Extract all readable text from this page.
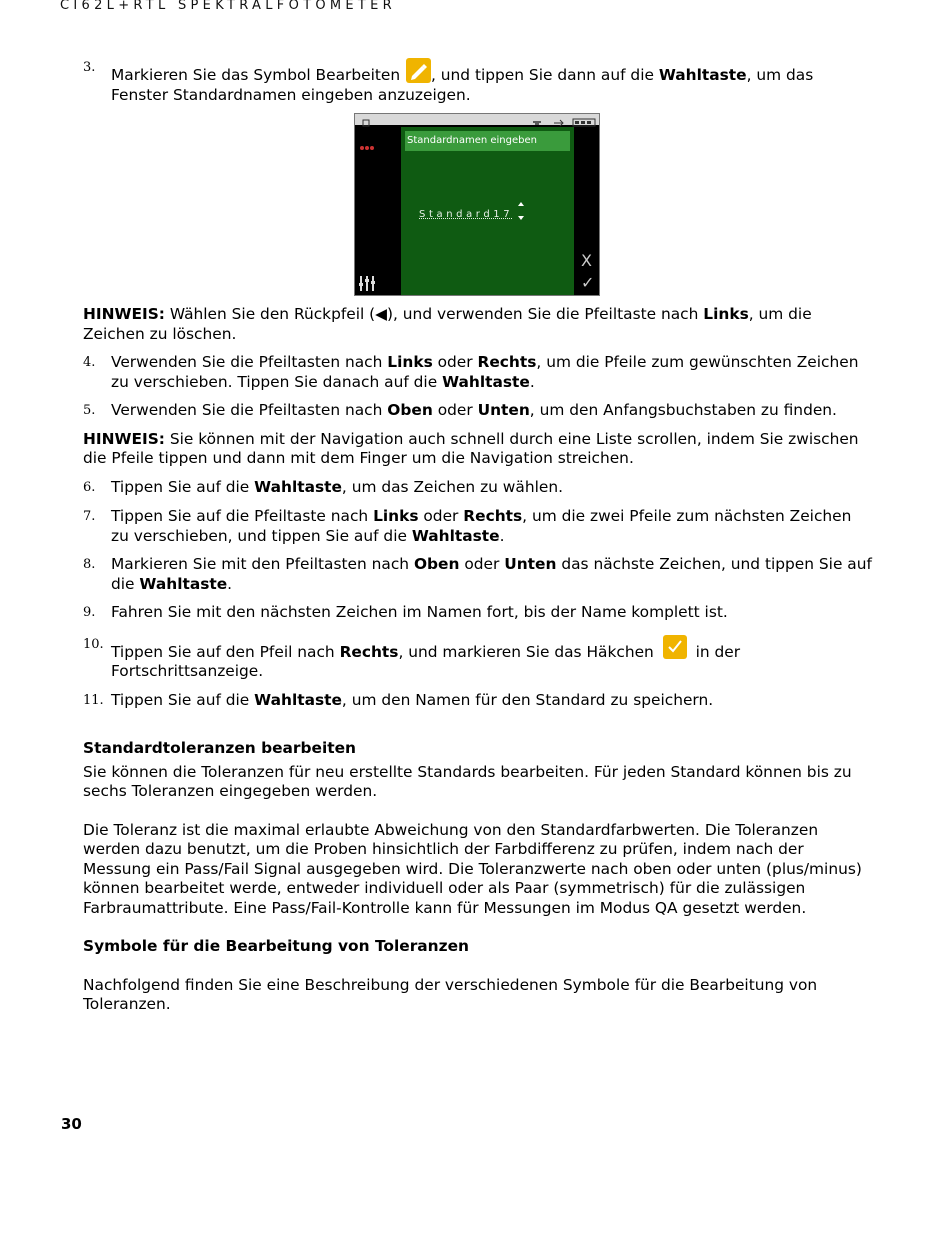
CI62L+RTL SPEKTRALFOTOMETER
3. Markieren Sie das Symbol Bearbeiten
, und tippen Sie dann auf die Wahltaste, um das Fenster Standardnamen eingeben anzuzeigen.
Standardnamen eingeben
Standard17
X
✓
HINWEIS: Wählen Sie den Rückpfeil (◀), und verwenden Sie die Pfeiltaste nach Links, um die Zeichen zu löschen.
4. Verwenden Sie die Pfeiltasten nach Links oder Rechts, um die Pfeile zum gewünschten Zeichen zu verschieben. Tippen Sie danach auf die Wahltaste.
5. Verwenden Sie die Pfeiltasten nach Oben oder Unten, um den Anfangsbuchstaben zu finden.
HINWEIS: Sie können mit der Navigation auch schnell durch eine Liste scrollen, indem Sie zwischen die Pfeile tippen und dann mit dem Finger um die Navigation streichen.
6. Tippen Sie auf die Wahltaste, um das Zeichen zu wählen.
7. Tippen Sie auf die Pfeiltaste nach Links oder Rechts, um die zwei Pfeile zum nächsten Zeichen zu verschieben, und tippen Sie auf die Wahltaste.
8. Markieren Sie mit den Pfeiltasten nach Oben oder Unten das nächste Zeichen, und tippen Sie auf die Wahltaste.
9. Fahren Sie mit den nächsten Zeichen im Namen fort, bis der Name komplett ist.
10. Tippen Sie auf den Pfeil nach Rechts, und markieren Sie das Häkchen
in der Fortschrittsanzeige.
11. Tippen Sie auf die Wahltaste, um den Namen für den Standard zu speichern.
Standardtoleranzen bearbeiten
Sie können die Toleranzen für neu erstellte Standards bearbeiten. Für jeden Standard können bis zu sechs Toleranzen eingegeben werden.
Die Toleranz ist die maximal erlaubte Abweichung von den Standardfarbwerten. Die Toleranzen werden dazu benutzt, um die Proben hinsichtlich der Farbdifferenz zu prüfen, indem nach der Messung ein Pass/Fail Signal ausgegeben wird. Die Toleranzwerte nach oben oder unten (plus/minus) können bearbeitet werde, entweder individuell oder als Paar (symmetrisch) für die zulässigen Farbraumattribute. Eine Pass/Fail-Kontrolle kann für Messungen im Modus QA gesetzt werden.
Symbole für die Bearbeitung von Toleranzen
Nachfolgend finden Sie eine Beschreibung der verschiedenen Symbole für die Bearbeitung von Toleranzen.
30
